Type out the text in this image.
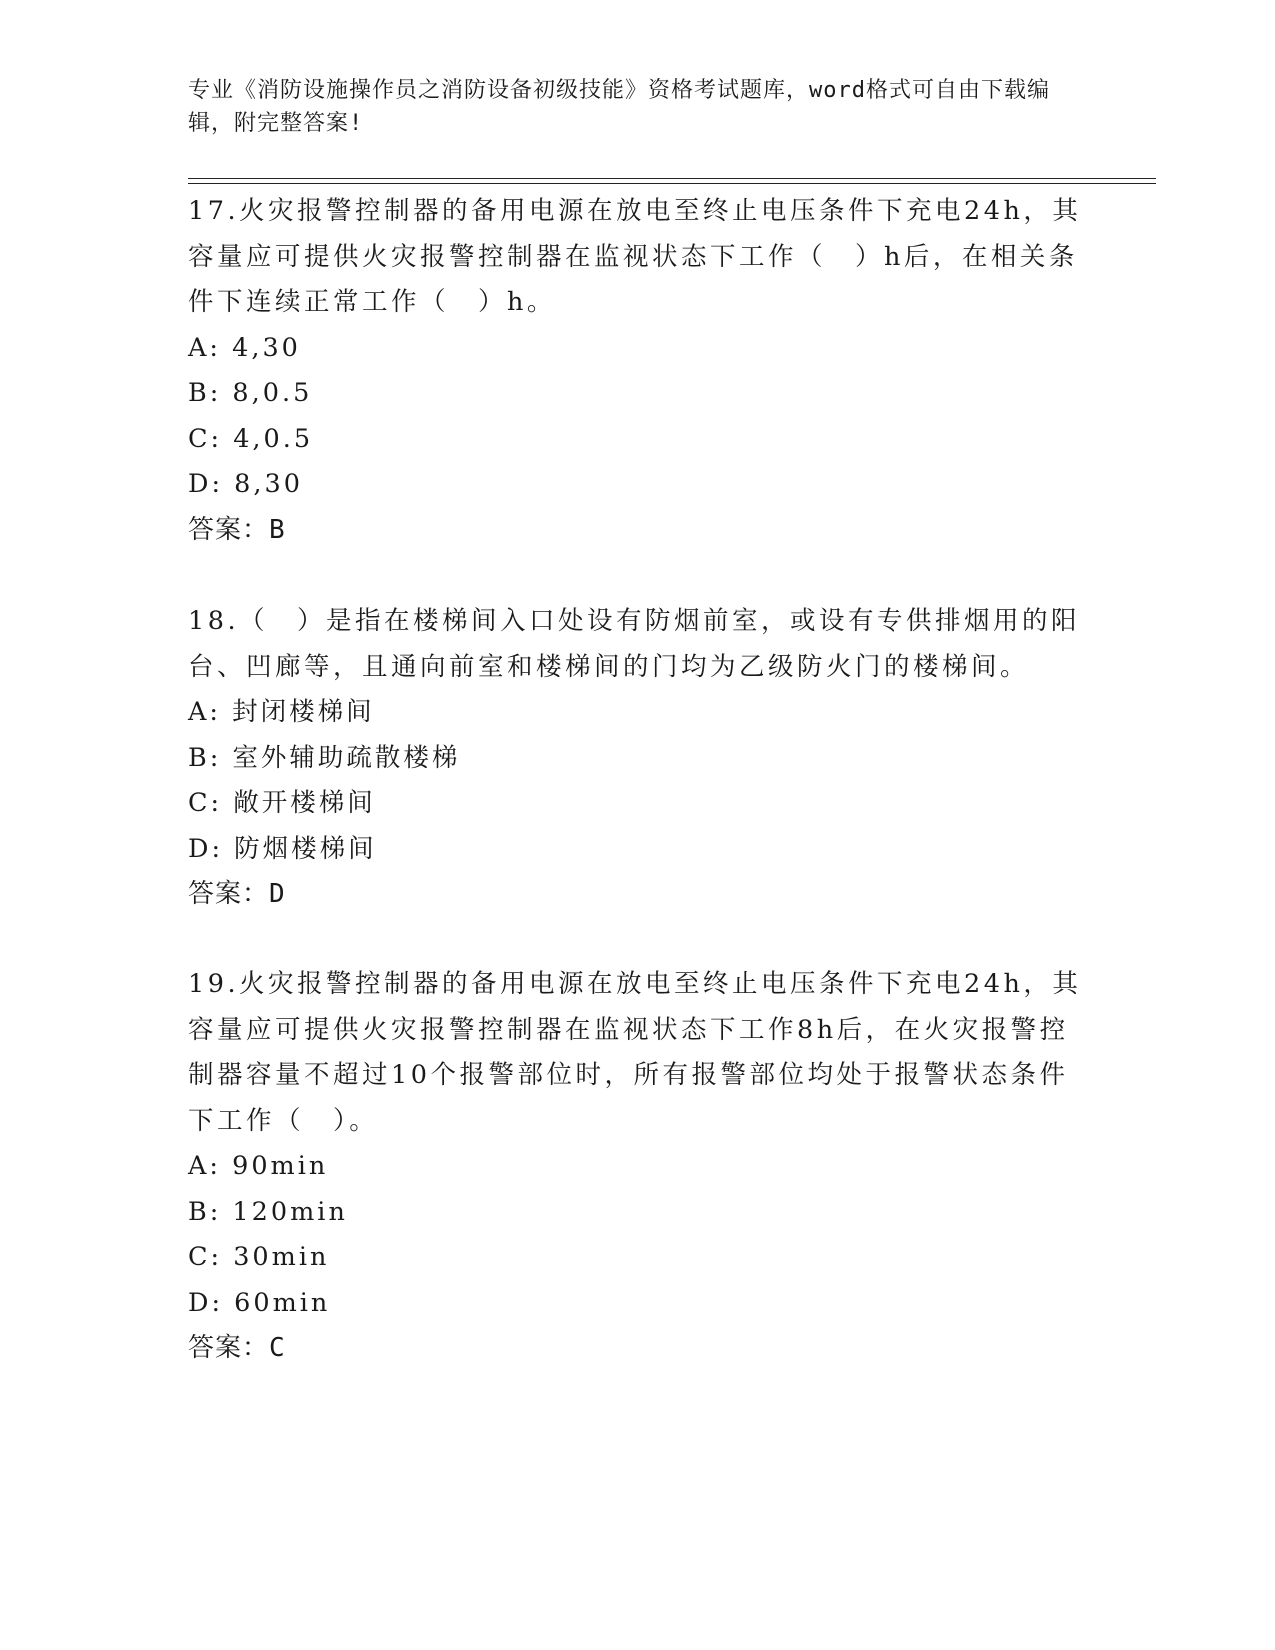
专业《消防设施操作员之消防设备初级技能》资格考试题库，word格式可自由下载编辑，附完整答案!

17.火灾报警控制器的备用电源在放电至终止电压条件下充电24h，其容量应可提供火灾报警控制器在监视状态下工作（　）h后，在相关条件下连续正常工作（　）h。

A: 4,30

B: 8,0.5

C: 4,0.5

D: 8,30

答案：B

18.（　）是指在楼梯间入口处设有防烟前室，或设有专供排烟用的阳台、凹廊等，且通向前室和楼梯间的门均为乙级防火门的楼梯间。

A: 封闭楼梯间

B: 室外辅助疏散楼梯

C: 敞开楼梯间

D: 防烟楼梯间

答案：D

19.火灾报警控制器的备用电源在放电至终止电压条件下充电24h，其容量应可提供火灾报警控制器在监视状态下工作8h后，在火灾报警控制器容量不超过10个报警部位时，所有报警部位均处于报警状态条件下工作（　）。

A: 90min

B: 120min

C: 30min

D: 60min

答案：C
